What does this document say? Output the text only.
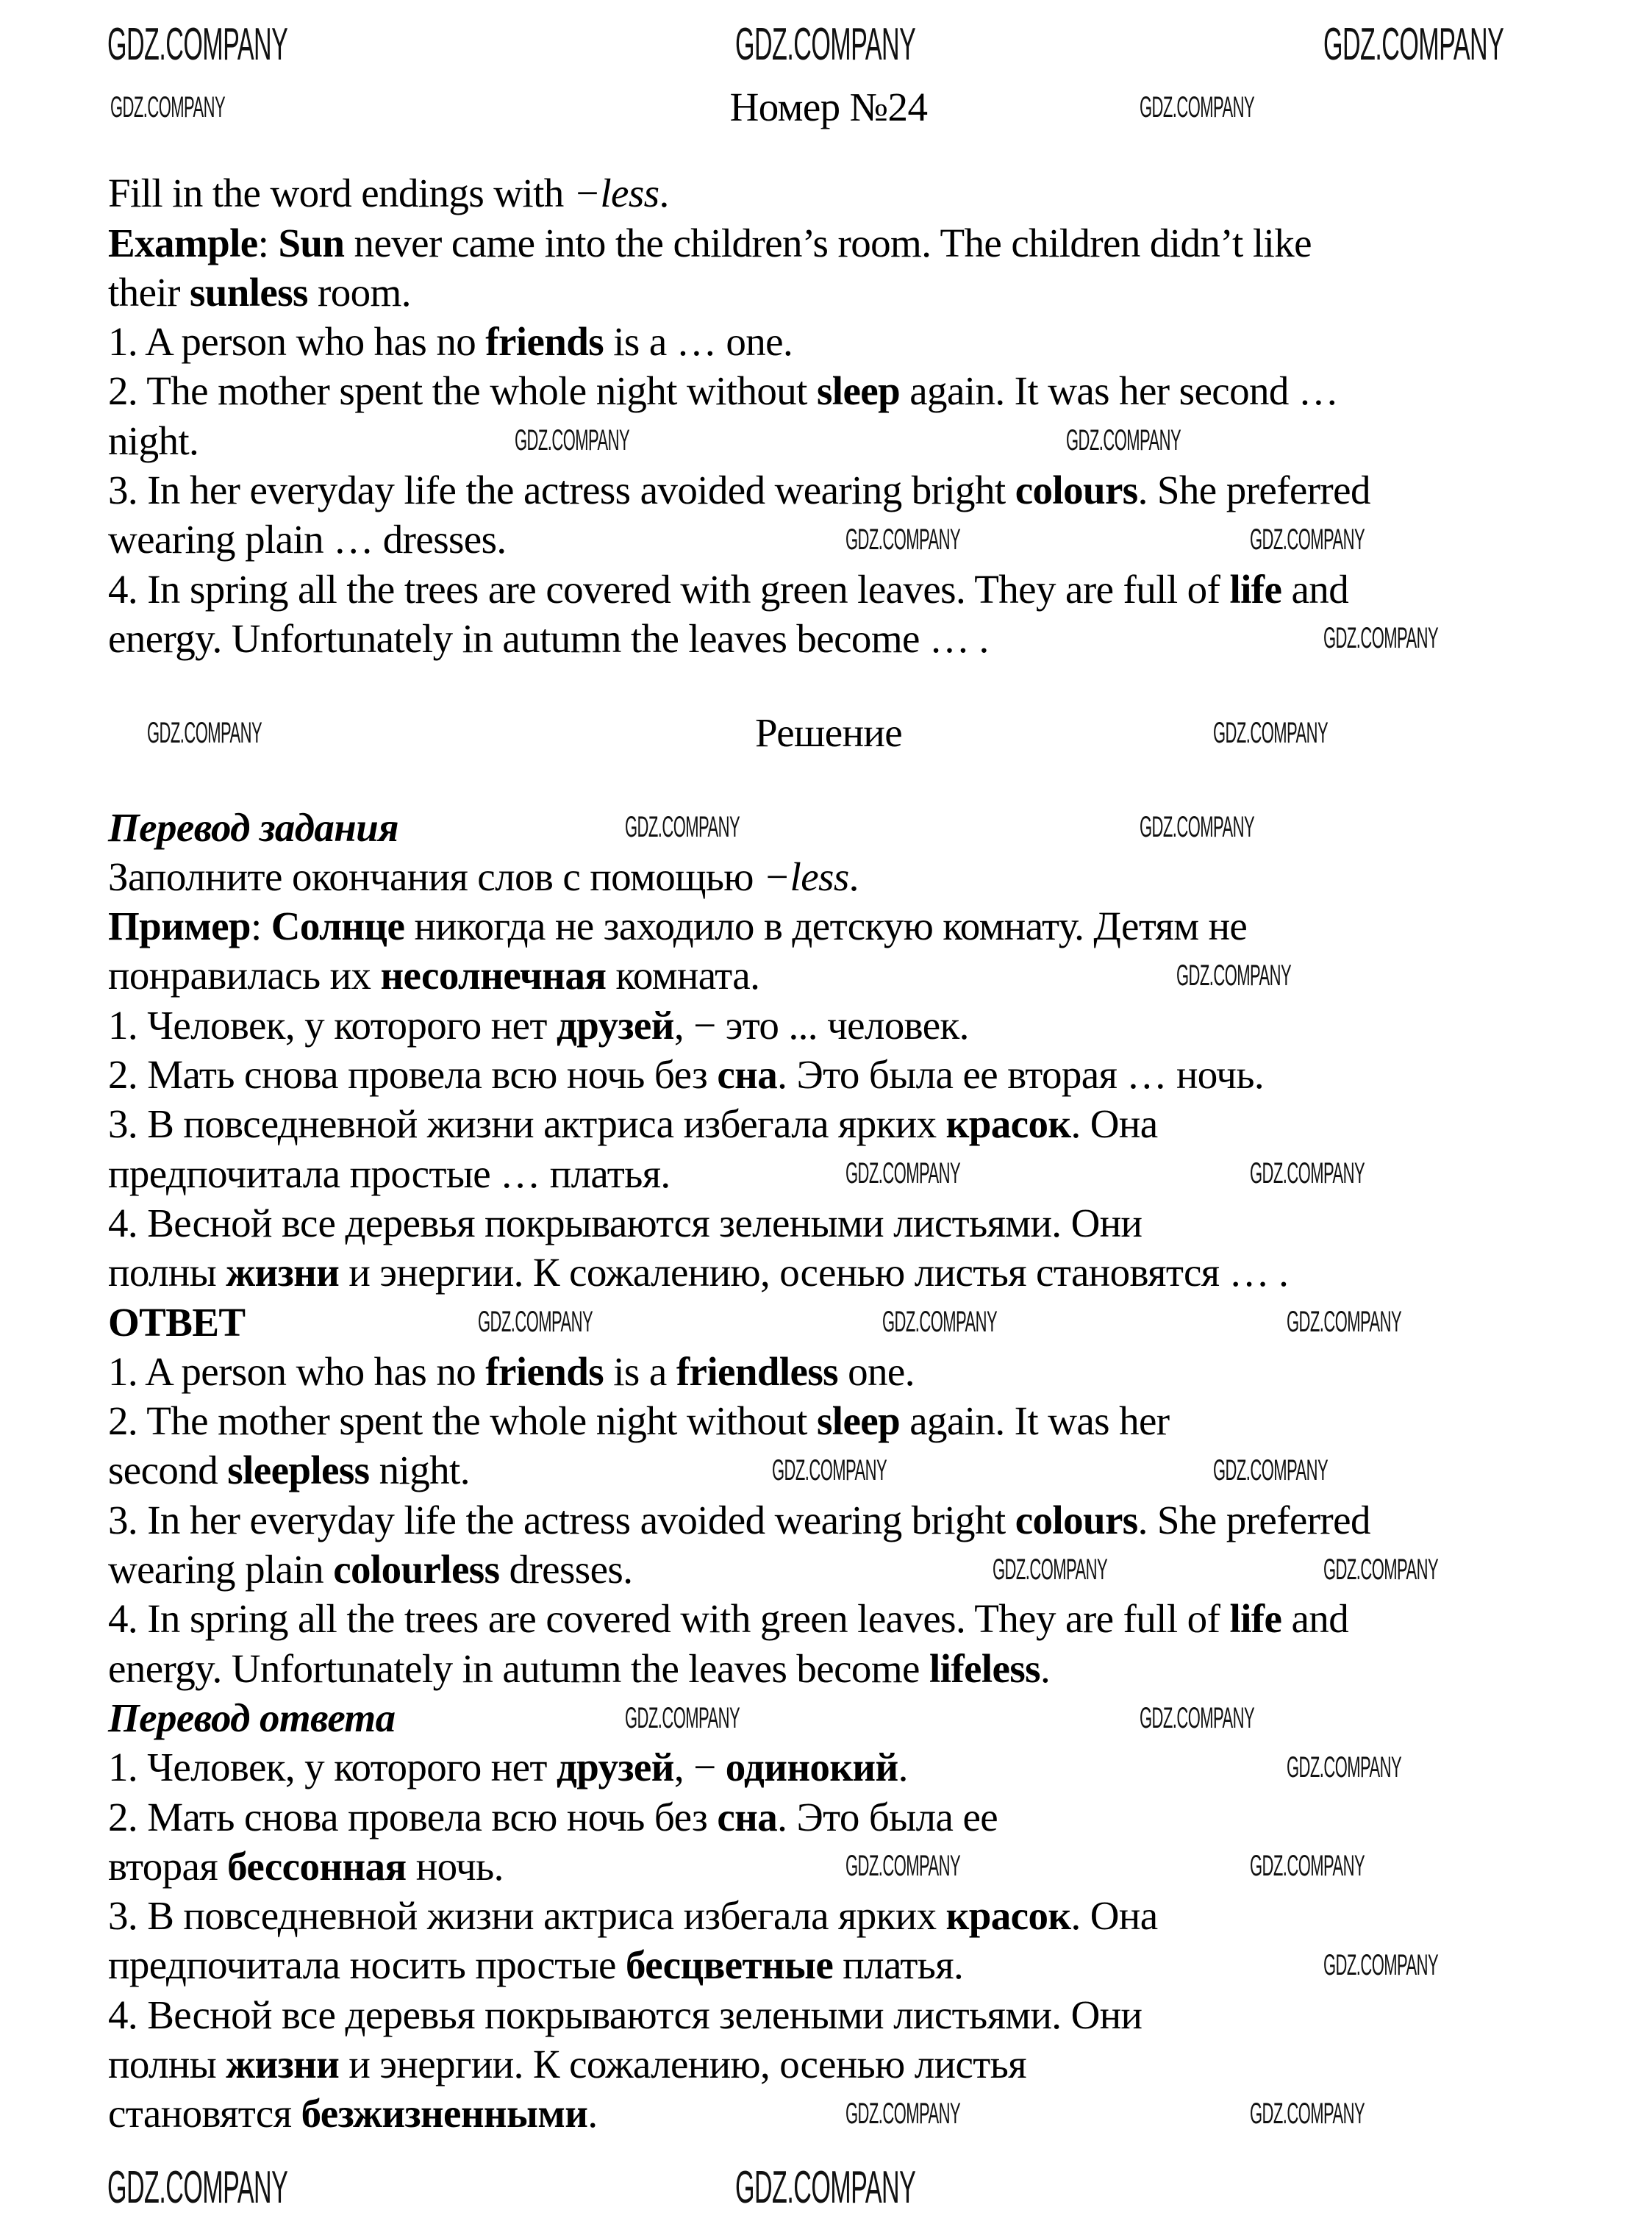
Номер №24
Fill in the word endings with −less.
Example: Sun never came into the children’s room. The children didn’t like
their sunless room.
1. A person who has no friends is a … one.
2. The mother spent the whole night without sleep again. It was her second …
night.
3. In her everyday life the actress avoided wearing bright colours. She preferred
wearing plain … dresses.
4. In spring all the trees are covered with green leaves. They are full of life and
energy. Unfortunately in autumn the leaves become … .
Решение
Перевод задания
Заполните окончания слов с помощью −less.
Пример: Солнце никогда не заходило в детскую комнату. Детям не
понравилась их несолнечная комната.
1. Человек, у которого нет друзей, − это ... человек.
2. Мать снова провела всю ночь без сна. Это была ее вторая … ночь.
3. В повседневной жизни актриса избегала ярких красок. Она
предпочитала простые … платья.
4. Весной все деревья покрываются зелеными листьями. Они
полны жизни и энергии. К сожалению, осенью листья становятся … .
ОТВЕТ
1. A person who has no friends is a friendless one.
2. The mother spent the whole night without sleep again. It was her
second sleepless night.
3. In her everyday life the actress avoided wearing bright colours. She preferred
wearing plain colourless dresses.
4. In spring all the trees are covered with green leaves. They are full of life and
energy. Unfortunately in autumn the leaves become lifeless.
Перевод ответа
1. Человек, у которого нет друзей, − одинокий.
2. Мать снова провела всю ночь без сна. Это была ее
вторая бессонная ночь.
3. В повседневной жизни актриса избегала ярких красок. Она
предпочитала носить простые бесцветные платья.
4. Весной все деревья покрываются зелеными листьями. Они
полны жизни и энергии. К сожалению, осенью листья
становятся безжизненными.
GDZ.COMPANY	GDZ.COMPANY	GDZ.COMPANY
GDZ.COMPANY	GDZ.COMPANY
GDZ.COMPANY	GDZ.COMPANY
GDZ.COMPANY	GDZ.COMPANY
GDZ.COMPANY
GDZ.COMPANY	GDZ.COMPANY
GDZ.COMPANY	GDZ.COMPANY
GDZ.COMPANY
GDZ.COMPANY	GDZ.COMPANY
GDZ.COMPANY	GDZ.COMPANY	GDZ.COMPANY
GDZ.COMPANY	GDZ.COMPANY
GDZ.COMPANY	GDZ.COMPANY
GDZ.COMPANY	GDZ.COMPANY
GDZ.COMPANY
GDZ.COMPANY	GDZ.COMPANY
GDZ.COMPANY
GDZ.COMPANY	GDZ.COMPANY
GDZ.COMPANY	GDZ.COMPANY
